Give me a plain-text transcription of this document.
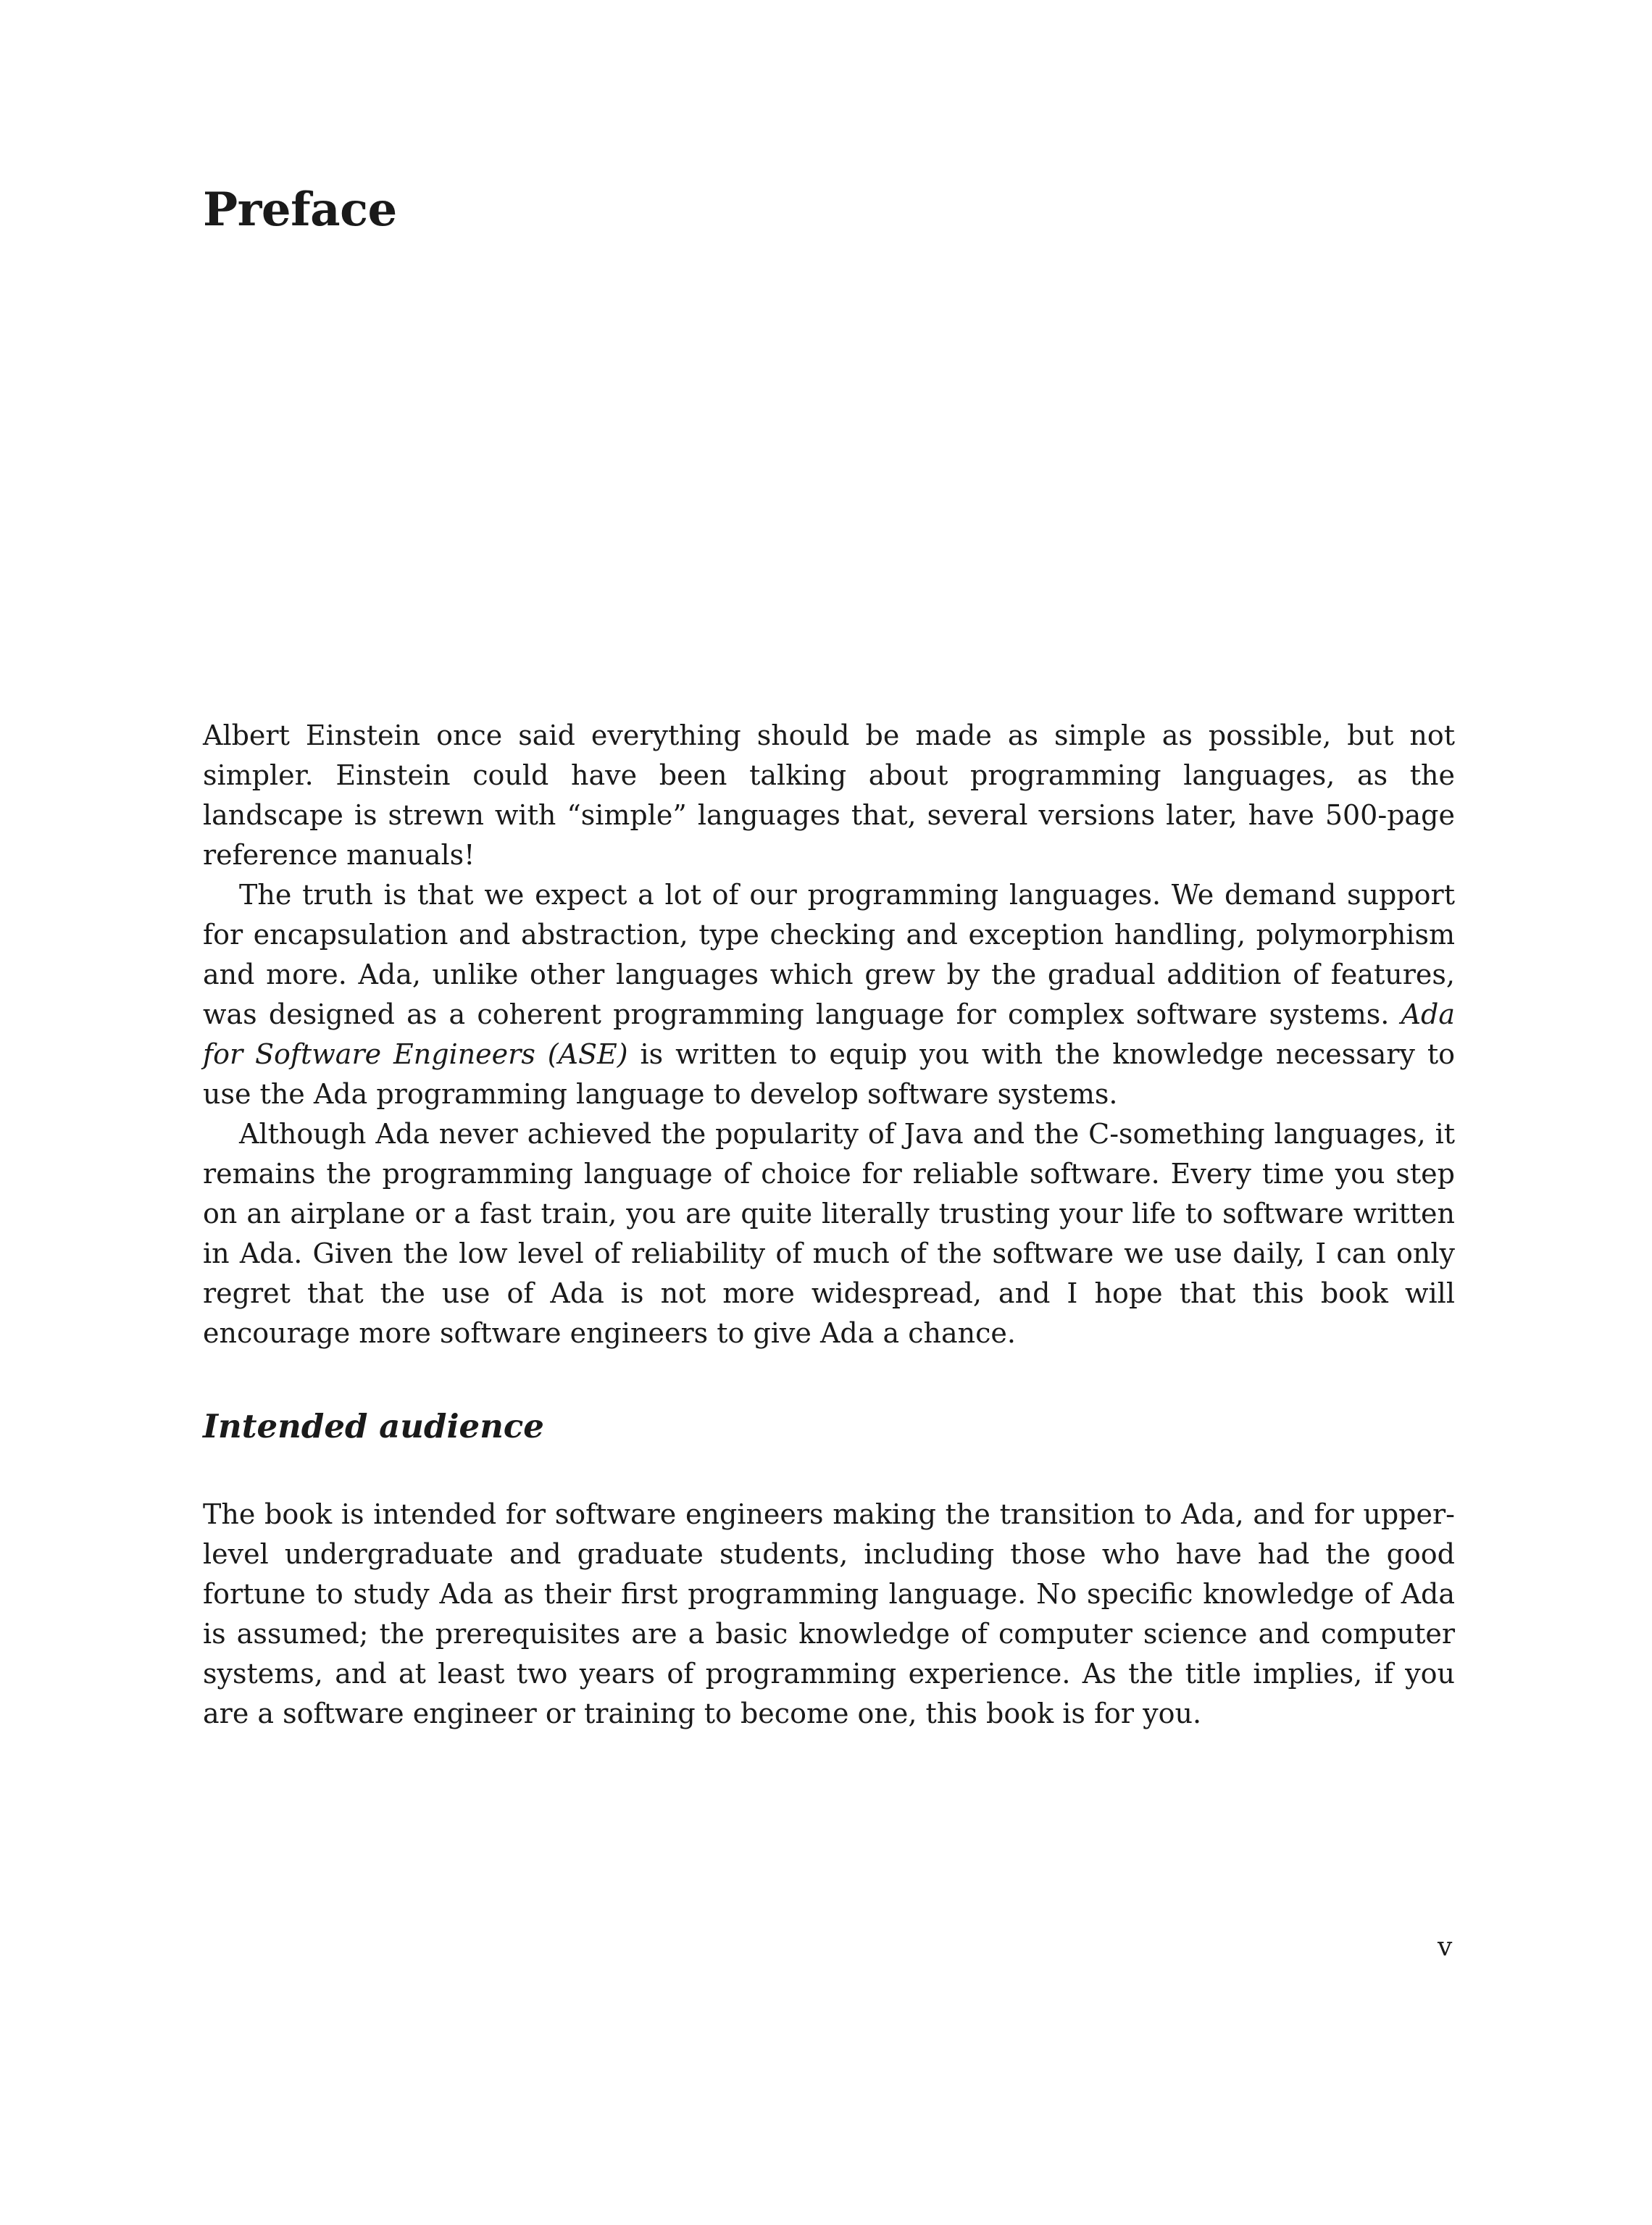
Preface

Albert Einstein once said everything should be made as simple as possible, but not simpler. Einstein could have been talking about programming languages, as the landscape is strewn with “simple” languages that, several versions later, have 500-page reference manuals!

The truth is that we expect a lot of our programming languages. We demand support for encapsulation and abstraction, type checking and exception handling, polymorphism and more. Ada, unlike other languages which grew by the gradual addition of features, was designed as a coherent programming language for complex software systems. Ada for Software Engineers (ASE) is written to equip you with the knowledge necessary to use the Ada programming language to develop software systems.

Although Ada never achieved the popularity of Java and the C-something languages, it remains the programming language of choice for reliable software. Every time you step on an airplane or a fast train, you are quite literally trusting your life to software written in Ada. Given the low level of reliability of much of the software we use daily, I can only regret that the use of Ada is not more widespread, and I hope that this book will encourage more software engineers to give Ada a chance.

Intended audience

The book is intended for software engineers making the transition to Ada, and for upper-level undergraduate and graduate students, including those who have had the good fortune to study Ada as their first programming language. No specific knowledge of Ada is assumed; the prerequisites are a basic knowledge of computer science and computer systems, and at least two years of programming experience. As the title implies, if you are a software engineer or training to become one, this book is for you.

v
